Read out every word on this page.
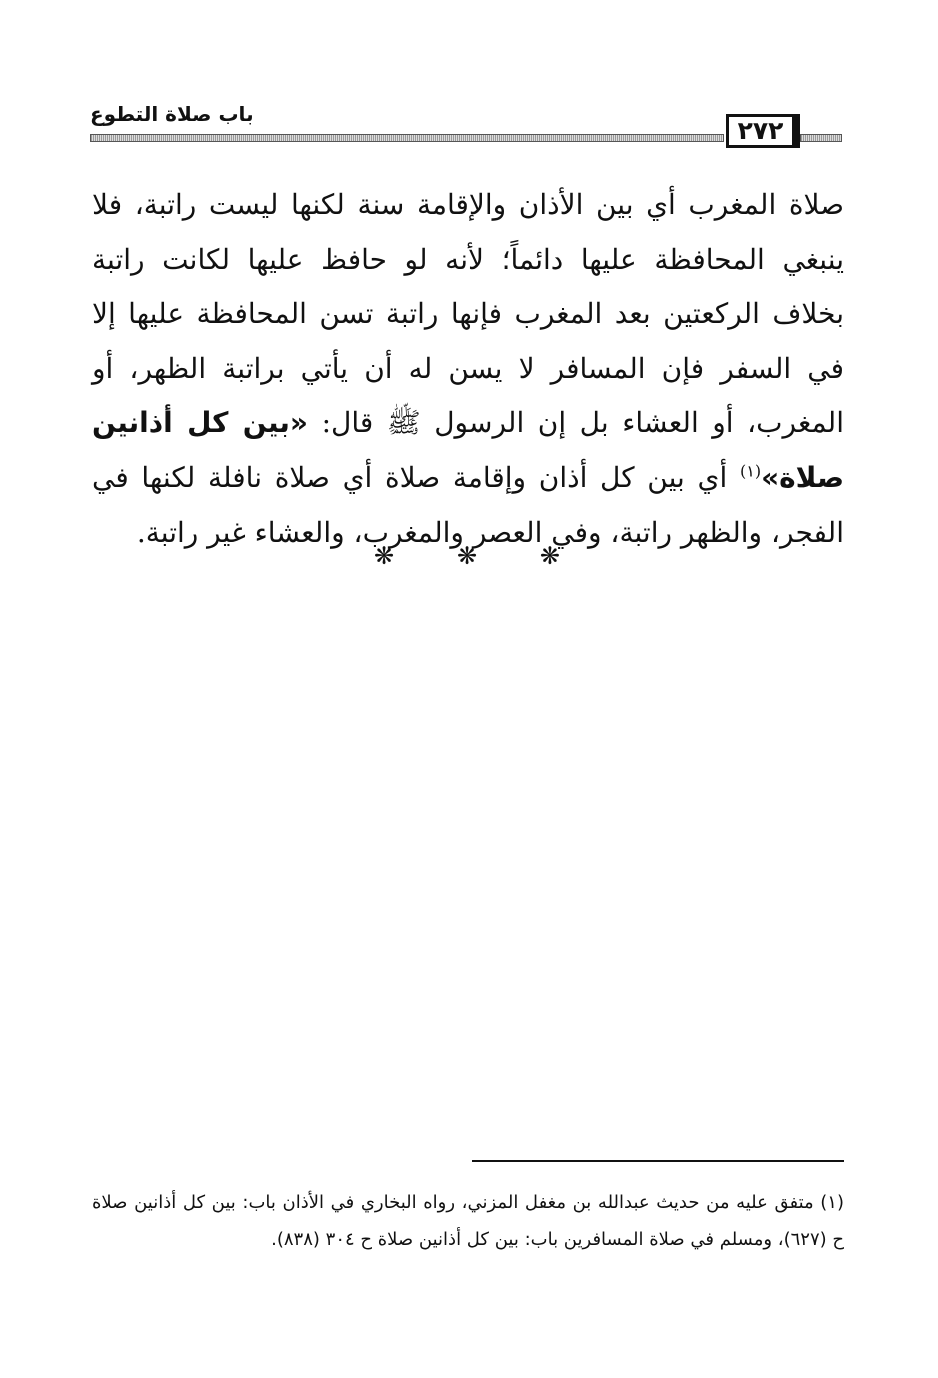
٢٧٢
باب صلاة التطوع

صلاة المغرب أي بين الأذان والإقامة سنة لكنها ليست راتبة، فلا ينبغي المحافظة عليها دائماً؛ لأنه لو حافظ عليها لكانت راتبة بخلاف الركعتين بعد المغرب فإنها راتبة تسن المحافظة عليها إلا في السفر فإن المسافر لا يسن له أن يأتي براتبة الظهر، أو المغرب، أو العشاء بل إن الرسول ﷺ قال: «بين كل أذانين صلاة»$^{(١)}$ أي بين كل أذان وإقامة صلاة أي صلاة نافلة لكنها في الفجر، والظهر راتبة، وفي العصر والمغرب، والعشاء غير راتبة.

❋	❋	❋

(١) متفق عليه من حديث عبدالله بن مغفل المزني، رواه البخاري في الأذان باب: بين كل أذانين صلاة ح (٦٢٧)، ومسلم في صلاة المسافرين باب: بين كل أذانين صلاة ح ٣٠٤ (٨٣٨).
